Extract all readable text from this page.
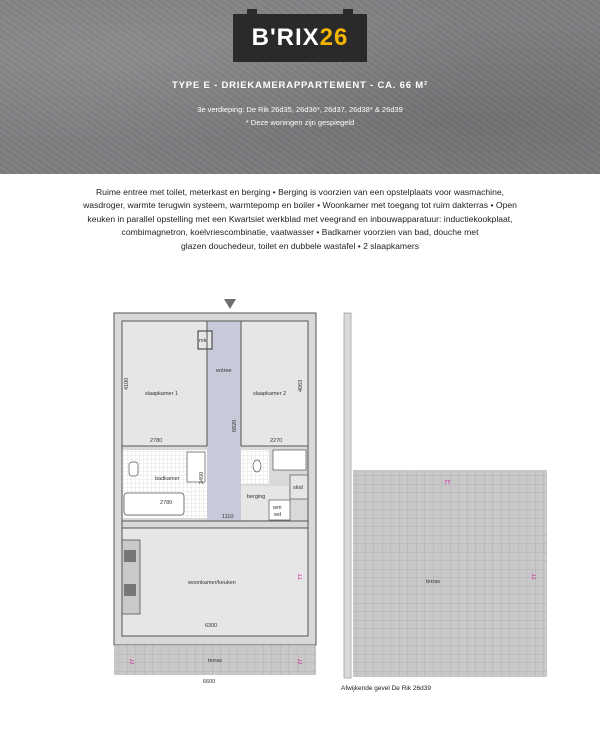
B'RIX26
TYPE E - DRIEKAMERAPPARTEMENT - CA. 66 M²
3e verdieping: De Rik 26d35, 26d36*, 26d37, 26d38* & 26d39
* Deze woningen zijn gespiegeld
Ruime entree met toilet, meterkast en berging • Berging is voorzien van een opstelplaats voor wasmachine,
wasdroger, warmte terugwin systeem, warmtepomp en boiler • Woonkamer met toegang tot ruim dakterras • Open
keuken in parallel opstelling met een Kwartsiet werkblad met veegrand en inbouwapparatuur: inductiekookplaat,
combimagnetron, koelvriescombinatie, vaatwasser • Badkamer voorzien van bad, douche met
glazen douchedeur, toilet en dubbele wastafel • 2 slaapkamers
mk
entree
slaapkamer 1	slaapkamer 2
badkamer
berging
skid
wm
wd
woonkamer/keuken
terras
terras
2780	2270
2780
1110
6300
6600
4100	4063
6820
2450	77
77
77
77	77
Afwijkende gevel De Rik 26d39
